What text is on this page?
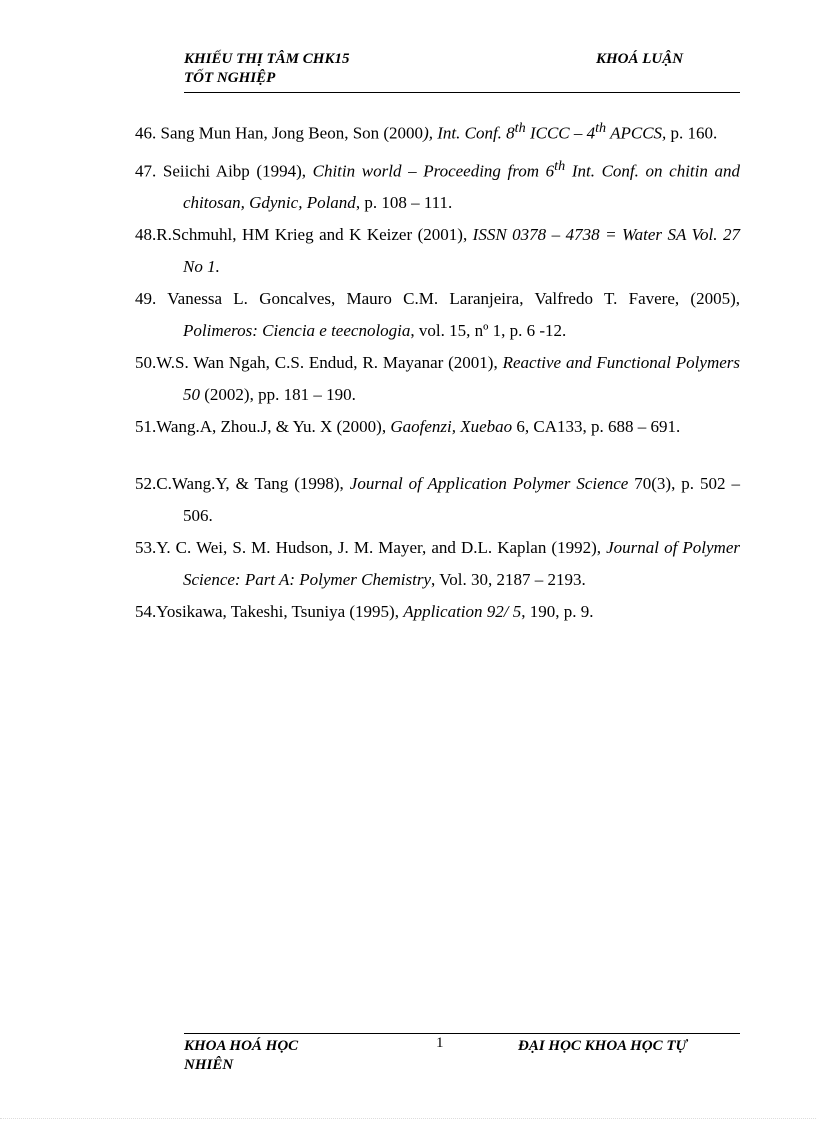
KHIẾU THỊ TÂM CHK15
TỐT NGHIỆP
KHOÁ LUẬN
46. Sang Mun Han, Jong Beon, Son (2000), Int. Conf. 8th ICCC – 4th APCCS, p. 160.
47. Seiichi Aibp (1994), Chitin world – Proceeding from 6th Int. Conf. on chitin and chitosan, Gdynic, Poland, p. 108 – 111.
48.R.Schmuhl, HM Krieg and K Keizer (2001), ISSN 0378 – 4738 = Water SA Vol. 27 No 1.
49. Vanessa L. Goncalves, Mauro C.M. Laranjeira, Valfredo T. Favere, (2005), Polimeros: Ciencia e teecnologia, vol. 15, nº 1, p. 6 -12.
50.W.S. Wan Ngah, C.S. Endud, R. Mayanar (2001), Reactive and Functional Polymers 50 (2002), pp. 181 – 190.
51.Wang.A, Zhou.J, & Yu. X (2000), Gaofenzi, Xuebao 6, CA133, p. 688 – 691.
52.C.Wang.Y, & Tang (1998), Journal of Application Polymer Science 70(3), p. 502 – 506.
53.Y. C. Wei, S. M. Hudson, J. M. Mayer, and D.L. Kaplan (1992), Journal of Polymer Science: Part A: Polymer Chemistry, Vol. 30, 2187 – 2193.
54.Yosikawa, Takeshi, Tsuniya (1995), Application 92/ 5, 190, p. 9.
KHOA HOÁ HỌC
NHIÊN
1	ĐẠI HỌC KHOA HỌC TỰ
